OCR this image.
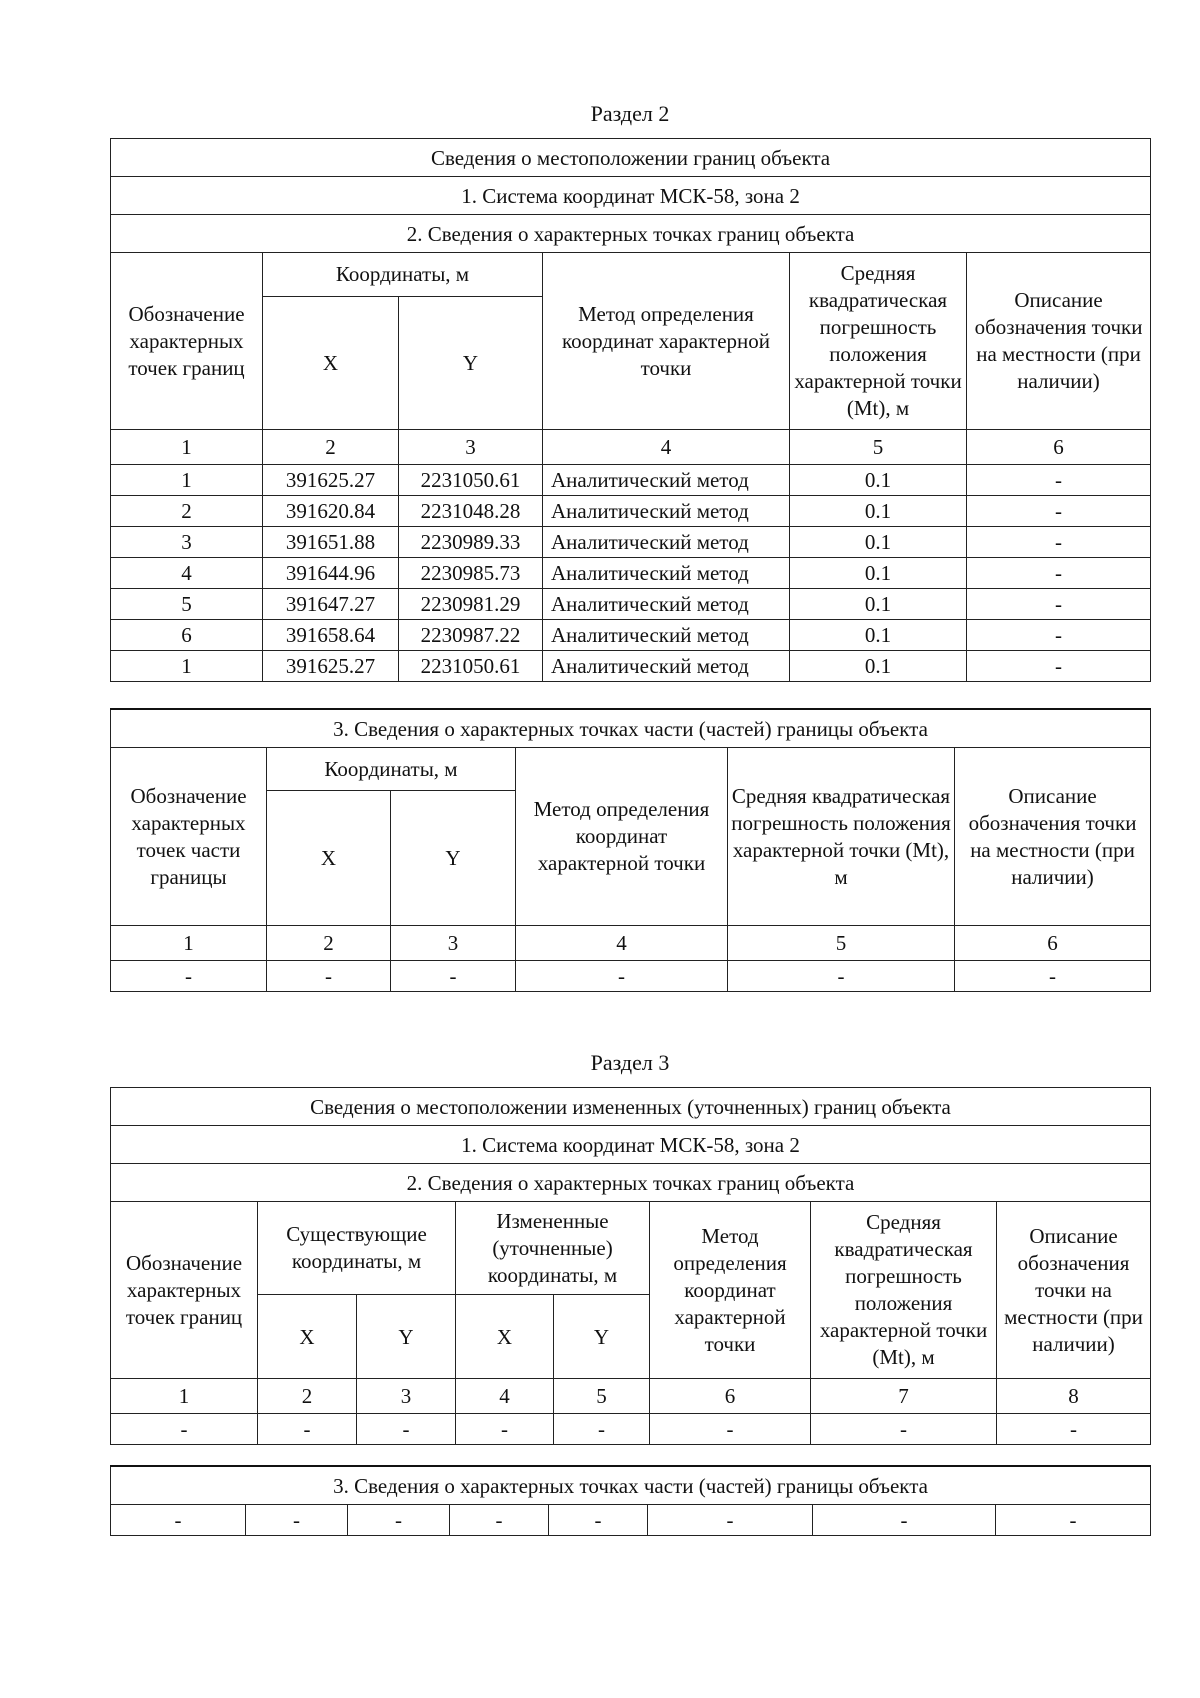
Раздел 2
Сведения о местоположении границ объекта					
1. Система координат МСК-58, зона 2					
2. Сведения о характерных точках границ объекта					
Обозначение характерных точек границ	Координаты, м		Метод определения координат характерной точки	Средняя квадратическая погрешность положения характерной точки (Mt), м	Описание обозначения точки на местности (при наличии)
	X	Y			
1	2	3	4	5	6
1	391625.27	2231050.61	Аналитический метод	0.1	-
2	391620.84	2231048.28	Аналитический метод	0.1	-
3	391651.88	2230989.33	Аналитический метод	0.1	-
4	391644.96	2230985.73	Аналитический метод	0.1	-
5	391647.27	2230981.29	Аналитический метод	0.1	-
6	391658.64	2230987.22	Аналитический метод	0.1	-
1	391625.27	2231050.61	Аналитический метод	0.1	-
3. Сведения о характерных точках части (частей) границы объекта					
Обозначение характерных точек части границы	Координаты, м		Метод определения координат характерной точки	Средняя квадратическая погрешность положения характерной точки (Mt), м	Описание обозначения точки на местности (при наличии)
	X	Y			
1	2	3	4	5	6
-	-	-	-	-	-
Раздел 3
Сведения о местоположении измененных (уточненных) границ объекта							
1. Система координат МСК-58, зона 2							
2. Сведения о характерных точках границ объекта							
Обозначение характерных точек границ	Существующие координаты, м		Измененные (уточненные) координаты, м		Метод определения координат характерной точки	Средняя квадратическая погрешность положения характерной точки (Mt), м	Описание обозначения точки на местности (при наличии)
	X	Y	X	Y			
1	2	3	4	5	6	7	8
-	-	-	-	-	-	-	-
3. Сведения о характерных точках части (частей) границы объекта
-	-	-	-	-	-	-	-
